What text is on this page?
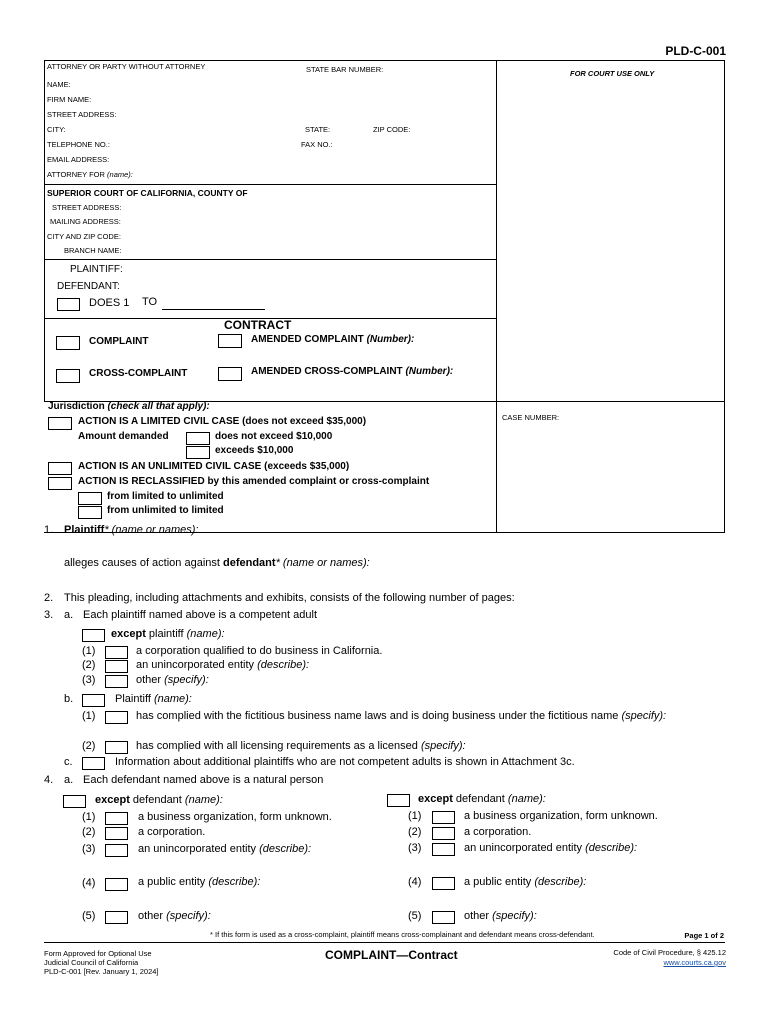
PLD-C-001
ATTORNEY OR PARTY WITHOUT ATTORNEY	STATE BAR NUMBER:	FOR COURT USE ONLY
NAME:
FIRM NAME:
STREET ADDRESS:
CITY:	STATE:	ZIP CODE:
TELEPHONE NO.:	FAX NO.:
EMAIL ADDRESS:
ATTORNEY FOR (name):
SUPERIOR COURT OF CALIFORNIA, COUNTY OF
STREET ADDRESS:
MAILING ADDRESS:
CITY AND ZIP CODE:
BRANCH NAME:
PLAINTIFF:
DEFENDANT:
DOES 1 TO
CONTRACT
COMPLAINT	AMENDED COMPLAINT (Number):
CROSS-COMPLAINT	AMENDED CROSS-COMPLAINT (Number):
Jurisdiction (check all that apply):
CASE NUMBER:
ACTION IS A LIMITED CIVIL CASE (does not exceed $35,000)
Amount demanded	does not exceed $10,000
exceeds $10,000
ACTION IS AN UNLIMITED CIVIL CASE (exceeds $35,000)
ACTION IS RECLASSIFIED by this amended complaint or cross-complaint
from limited to unlimited
from unlimited to limited
1. Plaintiff* (name or names):
alleges causes of action against defendant* (name or names):
2. This pleading, including attachments and exhibits, consists of the following number of pages:
3. a. Each plaintiff named above is a competent adult
except plaintiff (name):
(1)	a corporation qualified to do business in California.
(2)	an unincorporated entity (describe):
(3)	other (specify):
b.	Plaintiff (name):
(1)	has complied with the fictitious business name laws and is doing business under the fictitious name (specify):
(2)	has complied with all licensing requirements as a licensed (specify):
c.	Information about additional plaintiffs who are not competent adults is shown in Attachment 3c.
4. a. Each defendant named above is a natural person
except defendant (name):
(1)	a business organization, form unknown.
(2)	a corporation.
(3)	an unincorporated entity (describe):
(4)	a public entity (describe):
(5)	other (specify):
except defendant (name):
(1)	a business organization, form unknown.
(2)	a corporation.
(3)	an unincorporated entity (describe):
(4)	a public entity (describe):
(5)	other (specify):
* If this form is used as a cross-complaint, plaintiff means cross-complainant and defendant means cross-defendant.	Page 1 of 2
Form Approved for Optional Use
Judicial Council of California
PLD-C-001 [Rev. January 1, 2024]
COMPLAINT—Contract	Code of Civil Procedure, § 425.12
www.courts.ca.gov
